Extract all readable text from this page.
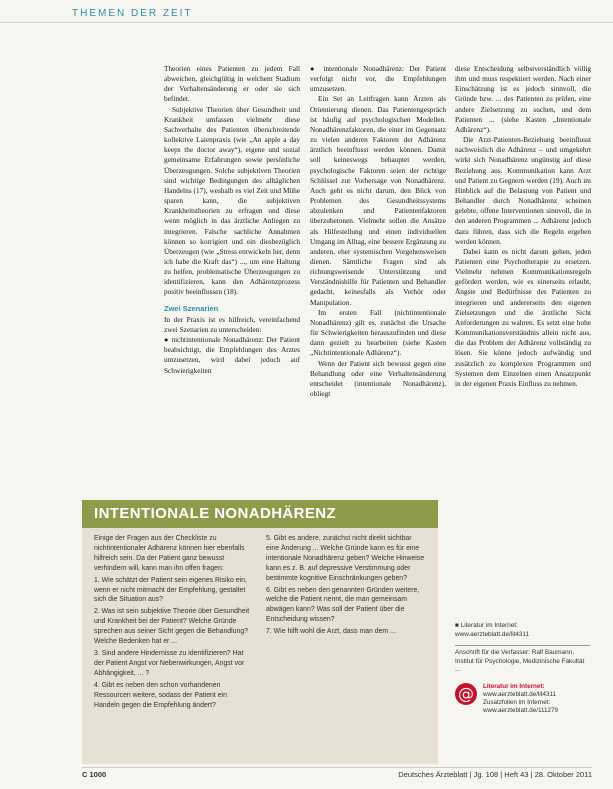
THEMEN DER ZEIT

Theorien eines Patienten zu jedem Fall abweichen, gleichgültig in welchem Stadium der Verhaltensänderung er oder sie sich befindet.

Subjektive Theorien über Gesundheit und Krankheit umfassen vielmehr diese Sachverhalte des Patienten überschreitende kollektive Laienpraxis (wie „An apple a day keeps the doctor away“), eigene und sozial gemeinsame Erfahrungen sowie persönliche Überzeugungen. Solche subjektiven Theorien sind wichtige Bedingungen des alltäglichen Handelns (17), weshalb es viel Zeit und Mühe sparen kann, die subjektiven Krankheitstheorien zu erfragen und diese wenn möglich in das ärztliche Anliegen zu integrieren. Falsche sachliche Annahmen können so korrigiert und ein diesbezüglich Überzeugen (wie „Stress entwickeln her, denn ich habe die Kraft das“) ..., um eine Haltung zu helfen, problematische Überzeugungen zu identifizieren, kann den Adhärenzprozess positiv beeinflussen (18).

Zwei Szenarien

In der Praxis ist es hilfreich, vereinfachend zwei Szenarien zu unterscheiden:

● nichtintentionale Nonadhärenz: Der Patient beabsichtigt, die Empfehlungen des Arztes umzusetzen, wird dabei jedoch auf Schwierigkeiten

● intentionale Nonadhärenz: Der Patient verfolgt nicht vor, die Empfehlungen umzusetzen.

Ein Set an Leitfragen kann Ärzten als Orientierung dienen. Das Patientengespräch ist häufig auf psychologischen Modellen. Nonadhärenzfaktoren, die einer im Gegensatz zu vielen anderen Faktoren der Adhärenz ärztlich beeinflusst werden können. Damit soll keineswegs behauptet werden, psychologische Faktoren seien der richtige Schlüssel zur Vorhersage von Nonadhärenz. Auch geht es nicht darum, den Blick von Problemen des Gesundheitssystems abzulenken und Patientenfaktoren überzubetonen. Vielmehr sollen die Ansätze als Hilfestellung und einen individuellen Umgang im Alltag, eine bessere Ergänzung zu anderen, eher systemischen Vorgehensweisen dienen. Sämtliche Fragen sind als richtungsweisende Unterstützung und Verständnishilfe für Patienten und Behandler gedacht, keinesfalls als Verhör oder Manipulation.

Im ersten Fall (nichtintentionale Nonadhärenz) gilt es, zunächst die Ursache für Schwierigkeiten herauszufinden und diese dann gezielt zu bearbeiten (siehe Kasten „Nichtintentionale Adhärenz“).

Wenn der Patient sich bewusst gegen eine Behandlung oder eine Verhaltensänderung entscheidet (intentionale Nonadhärenz), obliegt

diese Entscheidung selbstverständlich völlig ihm und muss respektiert werden. Nach einer Einschätzung ist es jedoch sinnvoll, die Gründe bzw. ... des Patienten zu prüfen, eine andere Zielsetzung zu suchen, und dem Patienten ... (siehe Kasten „Intentionale Adhärenz“).

Die Arzt-Patienten-Beziehung beeinflusst nachweislich die Adhärenz – und umgekehrt wirkt sich Nonadhärenz ungünstig auf diese Beziehung aus. Kommunikation kann Arzt und Patient zu Gegnern werden (19). Auch im Hinblick auf die Belastung von Patient und Behandler durch Nonadhärenz scheinen gelebte, offene Interventionen sinnvoll, die in den anderen Programmen ... Adhärenz jedoch dazu führen, dass sich die Regeln ergeben werden können.

Dabei kann es nicht darum gehen, jeden Patienten eine Psychotherapie zu ersetzen. Vielmehr nehmen Kommunikationsregeln gefördert werden, wie es einerseits erlaubt, Ängste und Bedürfnisse des Patienten zu integrieren und andererseits den eigenen Zielsetzungen und die ärztliche Sicht Anforderungen zu wahren. Es setzt eine hohe Kommunikationsverständnis allein nicht aus, die das Problem der Adhärenz vollständig zu lösen. Sie könne jedoch aufwändig und zusätzlich zu komplexen Programmen und Systemen dem Einzelnen einen Ansatzpunkt in der eigenen Praxis Einfluss zu nehmen.

INTENTIONALE NONADHÄRENZ

Einige der Fragen aus der Checkliste zu nichtintentionaler Adhärenz können hier ebenfalls hilfreich sein. Da der Patient ganz bewusst verhindern will, kann man ihn offen fragen:

1. Wie schätzt der Patient sein eigenes Risiko ein, wenn er nicht mitmacht der Empfehlung, gestaltet sich die Situation aus?

2. Was ist sein subjektive Theorie über Gesundheit und Krankheit bei der Patient? Welche Gründe sprechen aus seiner Sicht gegen die Behandlung? Welche Bedenken hat er ...

3. Sind andere Hindernisse zu identifizieren? Hat der Patient Angst vor Nebenwirkungen, Angst vor Abhängigkeit, ... ?

4. Gibt es neben den schon vorhandenen Ressourcen weitere, sodass der Patient ein Handeln gegen die Empfehlung ändert?

5. Gibt es andere, zunächst nicht direkt sichtbar eine Änderung ... Welche Gründe kann es für eine intentionale Nonadhärenz geben? Welche Hinweise kann es z. B. auf depressive Verstimmung oder bestimmte kognitive Einschränkungen geben?

6. Gibt es neben den genannten Gründen weitere, welche die Patient nennt, die man gemeinsam abwägen kann? Was soll der Patient über die Entscheidung wissen?

7. Wie hilft wohl die Arzt, dass man dem ...

■ Literatur im Internet: www.aerzteblatt.de/lit4311
Anschrift für die Verfasser: Ralf Baumann, Institut für Psychologie, Medizinische Fakultät ...
@	Literatur im Internet:
www.aerzteblatt.de/lit4311
Zusatzfolien im Internet: www.aerzteblatt.de/111279
C 1000	Deutsches Ärzteblatt | Jg. 108 | Heft 43 | 28. Oktober 2011
